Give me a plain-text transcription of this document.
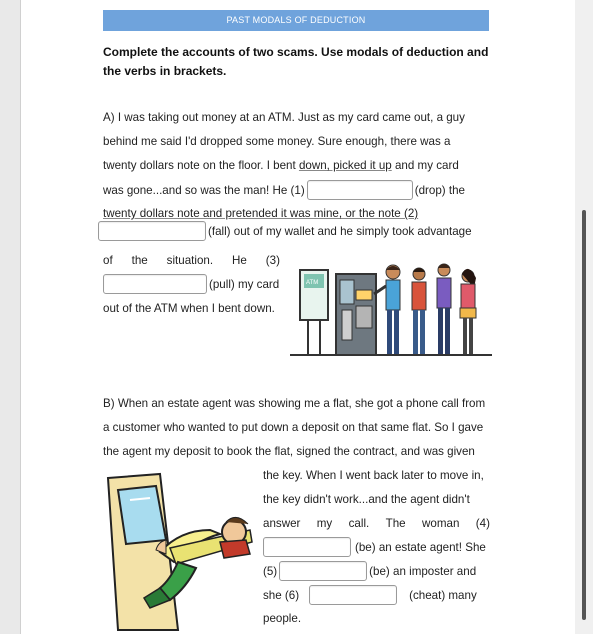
PAST MODALS OF DEDUCTION
Complete the accounts of two scams. Use modals of deduction and the verbs in brackets.
A) I was taking out money at an ATM. Just as my card came out, a guy
behind me said I'd dropped some money. Sure enough, there was a
twenty dollars note on the floor. I bent down, picked it up and my card
was gone...and so was the man! He (1)	(drop) the
twenty dollars note and pretended it was mine, or the note (2)
(fall) out of my wallet and he simply took advantage
of the situation. He (3)
(pull) my card
out of the ATM when I bent down.
ATM
B) When an estate agent was showing me a flat, she got a phone call from
a customer who wanted to put down a deposit on that same flat. So I gave
the agent my deposit to book the flat, signed the contract, and was given
the key. When I went back later to move in,
the key didn't work...and the agent didn't
answer my call. The woman (4)
(be) an estate agent! She
(5)	(be) an imposter and
she (6)	(cheat) many
people.
